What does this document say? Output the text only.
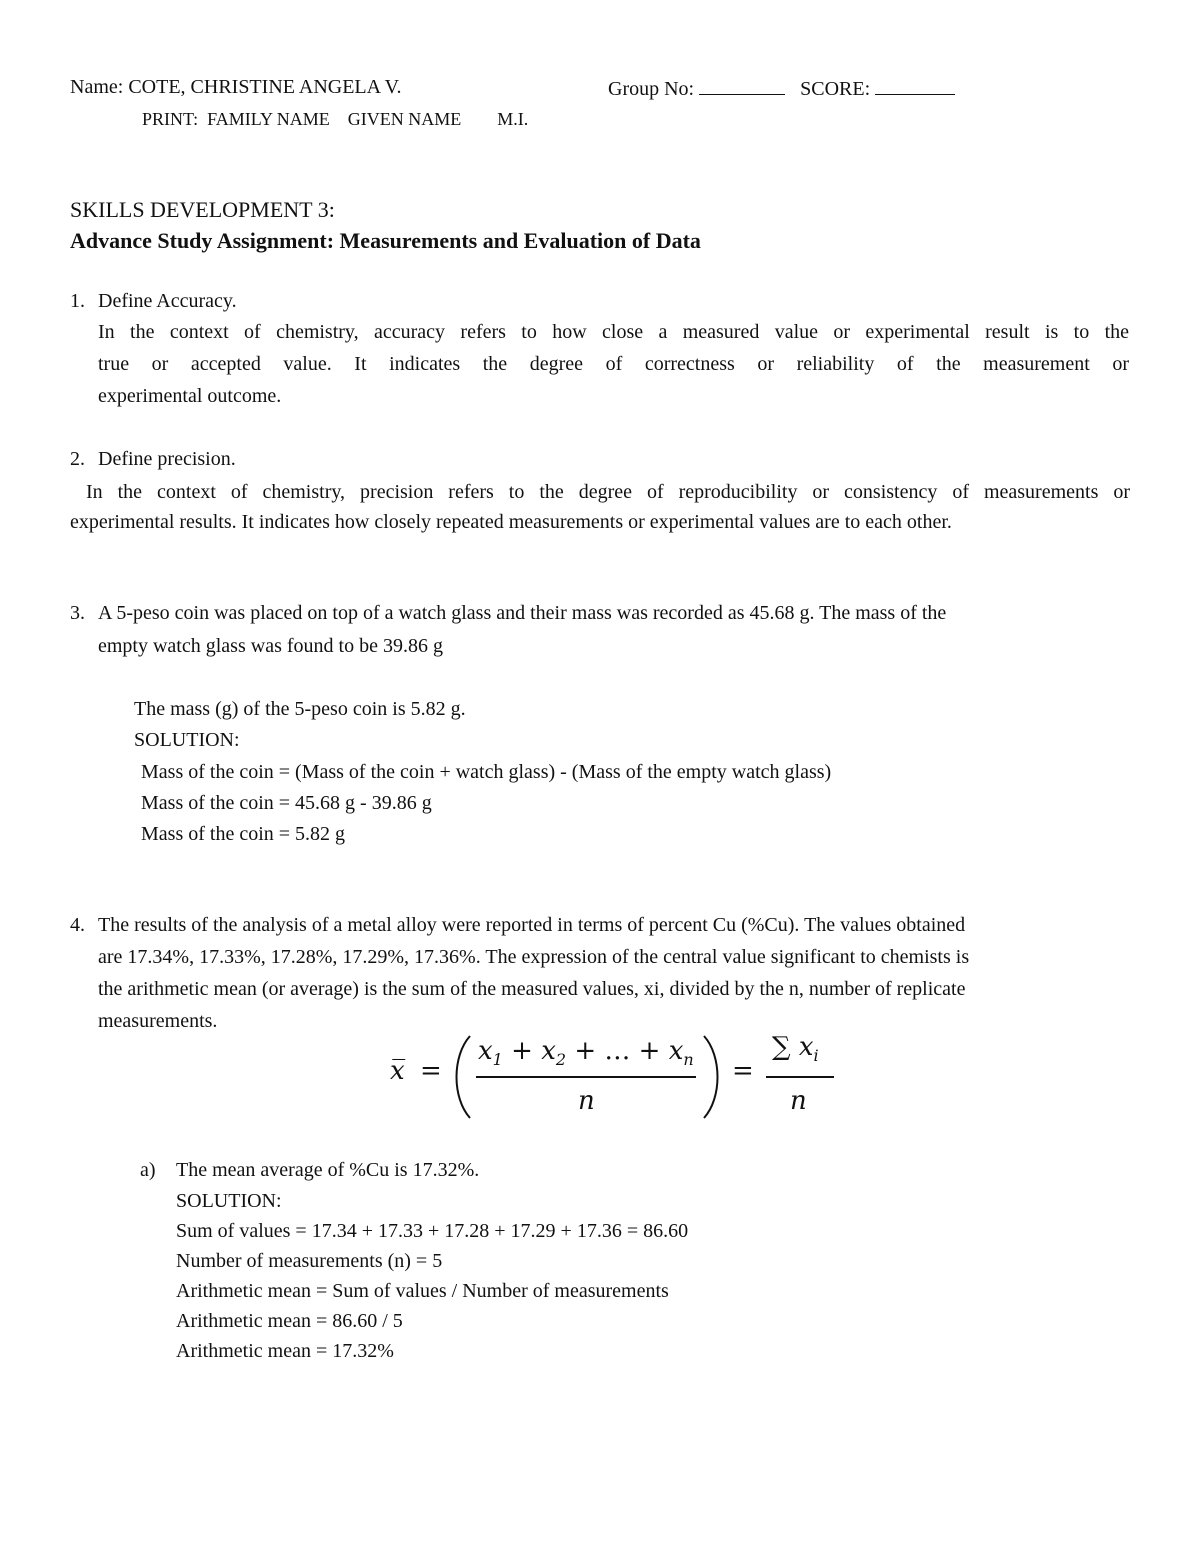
Name: COTE, CHRISTINE ANGELA V.	Group No:	SCORE:
PRINT:  FAMILY NAME    GIVEN NAME        M.I.
SKILLS DEVELOPMENT 3:
Advance Study Assignment: Measurements and Evaluation of Data
1. Define Accuracy.
In the context of chemistry, accuracy refers to how close a measured value or experimental result is to the
true or accepted value. It indicates the degree of correctness or reliability of the measurement or
experimental outcome.
2. Define precision.
In the context of chemistry, precision refers to the degree of reproducibility or consistency of measurements or
experimental results. It indicates how closely repeated measurements or experimental values are to each other.
3. A 5-peso coin was placed on top of a watch glass and their mass was recorded as 45.68 g. The mass of the
empty watch glass was found to be 39.86 g
The mass (g) of the 5-peso coin is 5.82 g.
SOLUTION:
Mass of the coin = (Mass of the coin + watch glass) - (Mass of the empty watch glass)
Mass of the coin = 45.68 g - 39.86 g
Mass of the coin = 5.82 g
4. The results of the analysis of a metal alloy were reported in terms of percent Cu (%Cu). The values obtained
are 17.34%, 17.33%, 17.28%, 17.29%, 17.36%. The expression of the central value significant to chemists is
the arithmetic mean (or average) is the sum of the measured values, xi, divided by the n, number of replicate
measurements.
x̅ =
$x_1 + x_2$ + … + $x_n$
n
=
∑ $x_i$
n
a) The mean average of %Cu is 17.32%.
SOLUTION:
Sum of values = 17.34 + 17.33 + 17.28 + 17.29 + 17.36 = 86.60
Number of measurements (n) = 5
Arithmetic mean = Sum of values / Number of measurements
Arithmetic mean = 86.60 / 5
Arithmetic mean = 17.32%
